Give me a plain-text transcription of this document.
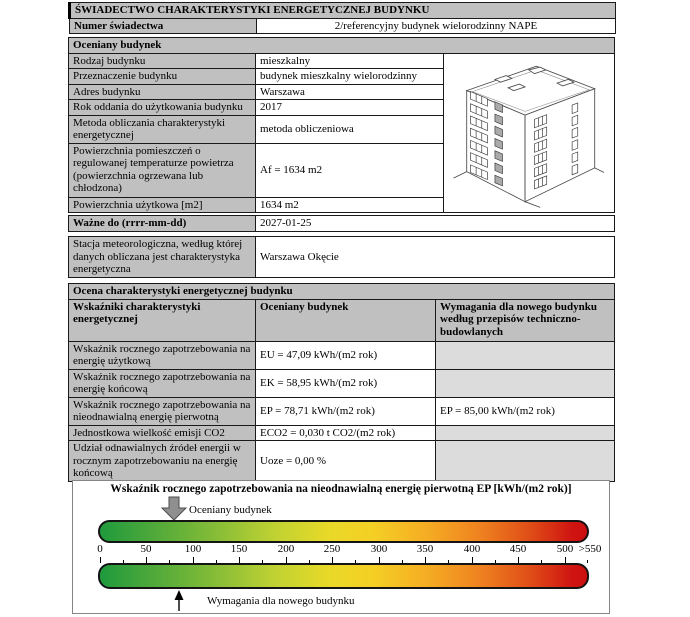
ŚWIADECTWO CHARAKTERYSTYKI ENERGETYCZNEJ BUDYNKU
Numer świadectwa	2/referencyjny budynek wielorodzinny NAPE
Oceniany budynek		
Rodzaj budynku	mieszkalny	

Przeznaczenie budynku	budynek mieszkalny wielorodzinny	
Adres budynku	Warszawa	
Rok oddania do użytkowania budynku	2017	
Metoda obliczania charakterystyki energetycznej	metoda obliczeniowa	
Powierzchnia pomieszczeń o regulowanej temperaturze powietrza (powierzchnia ogrzewana lub chłodzona)	Af = 1634 m2	
Powierzchnia użytkowa [m2]	1634 m2	
Ważne do (rrrr-mm-dd)	2027-01-25
Stacja meteorologiczna, według której danych obliczana jest charakterystyka energetyczna	Warszawa Okęcie
Ocena charakterystyki energetycznej budynku		
Wskaźniki charakterystyki energetycznej	Oceniany budynek	Wymagania dla nowego budynku według przepisów techniczno-budowlanych
Wskaźnik rocznego zapotrzebowania na energię użytkową	EU = 47,09 kWh/(m2 rok)	
Wskaźnik rocznego zapotrzebowania na energię końcową	EK = 58,95 kWh/(m2 rok)	
Wskaźnik rocznego zapotrzebowania na nieodnawialną energię pierwotną	EP = 78,71 kWh/(m2 rok)	EP = 85,00 kWh/(m2 rok)
Jednostkowa wielkość emisji CO2	ECO2 = 0,030 t CO2/(m2 rok)	
Udział odnawialnych źródeł energii w rocznym zapotrzebowaniu na energię końcową	Uoze = 0,00 %	
Wskaźnik rocznego zapotrzebowania na nieodnawialną energię pierwotną EP [kWh/(m2 rok)]
Oceniany budynek
0	50	100	150	200	250	300	350	400	450	500 >550
Wymagania dla nowego budynku
